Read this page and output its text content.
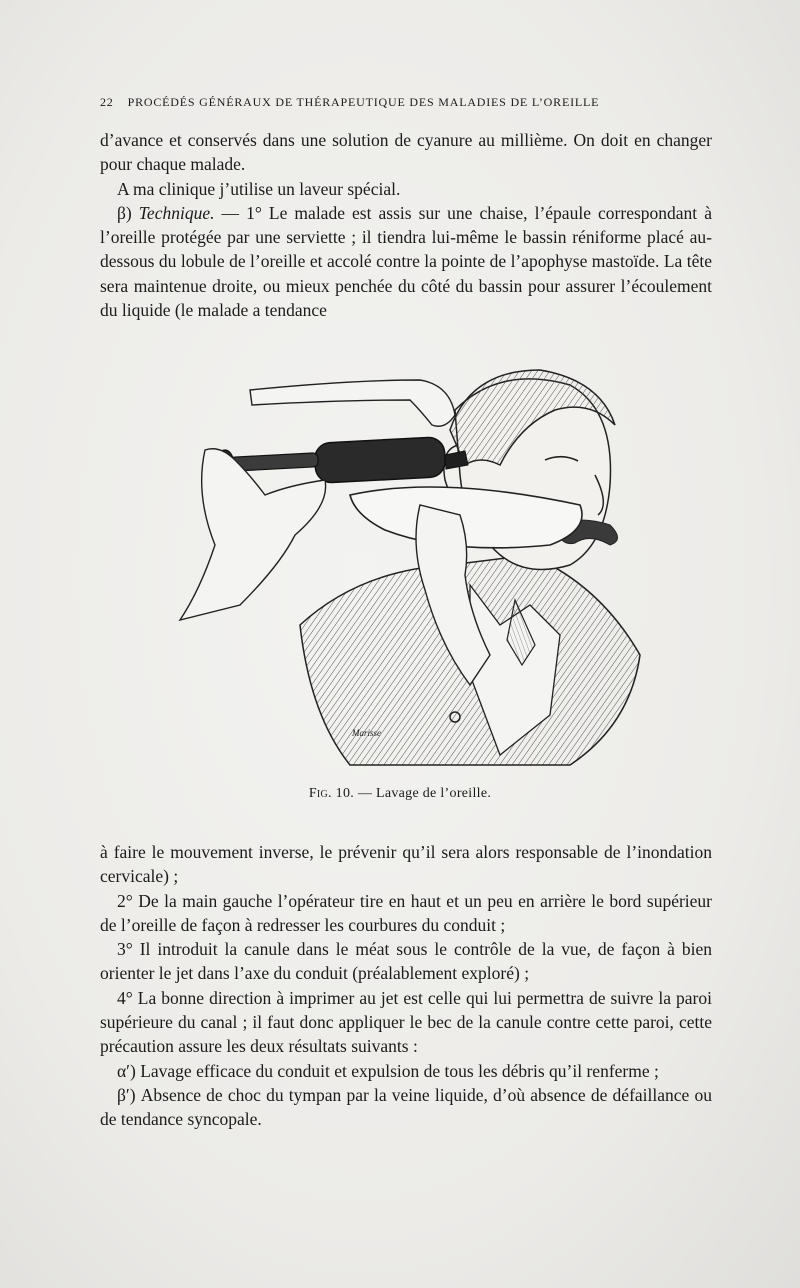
22 PROCÉDÉS GÉNÉRAUX DE THÉRAPEUTIQUE DES MALADIES DE L’OREILLE

d’avance et conservés dans une solution de cyanure au millième. On doit en changer pour chaque malade.

A ma clinique j’utilise un laveur spécial.

β) Technique. — 1° Le malade est assis sur une chaise, l’épaule correspondant à l’oreille protégée par une serviette ; il tiendra lui-même le bassin réniforme placé au-dessous du lobule de l’oreille et accolé contre la pointe de l’apophyse mastoïde. La tête sera maintenue droite, ou mieux penchée du côté du bassin pour assurer l’écoulement du liquide (le malade a tendance

Marisse
Fig. 10. — Lavage de l’oreille.

à faire le mouvement inverse, le prévenir qu’il sera alors responsable de l’inondation cervicale) ;

2° De la main gauche l’opérateur tire en haut et un peu en arrière le bord supérieur de l’oreille de façon à redresser les courbures du conduit ;

3° Il introduit la canule dans le méat sous le contrôle de la vue, de façon à bien orienter le jet dans l’axe du conduit (préalablement exploré) ;

4° La bonne direction à imprimer au jet est celle qui lui permettra de suivre la paroi supérieure du canal ; il faut donc appliquer le bec de la canule contre cette paroi, cette précaution assure les deux résultats suivants :

α′) Lavage efficace du conduit et expulsion de tous les débris qu’il renferme ;

β′) Absence de choc du tympan par la veine liquide, d’où absence de défaillance ou de tendance syncopale.
